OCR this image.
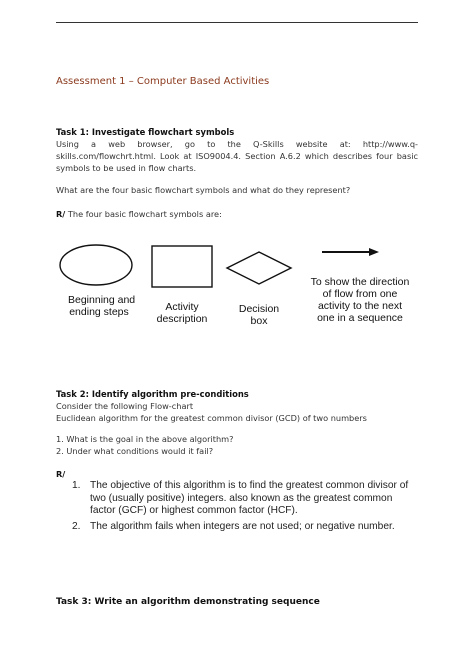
Assessment 1 – Computer Based Activities
Task 1: Investigate flowchart symbols
Using a web browser, go to the Q-Skills website at: http://www.q-skills.com/flowchrt.html. Look at ISO9004.4. Section A.6.2 which describes four basic symbols to be used in flow charts.
What are the four basic flowchart symbols and what do they represent?
R/ The four basic flowchart symbols are:
Beginning and
ending steps	Activity
description
Decision
box
To show the direction
of flow from one
activity to the next
one in a sequence
Task 2: Identify algorithm pre-conditions
Consider the following Flow-chart
Euclidean algorithm for the greatest common divisor (GCD) of two numbers
1. What is the goal in the above algorithm?
2. Under what conditions would it fail?
R/
1. The objective of this algorithm is to find the greatest common divisor of two (usually positive) integers. also known as the greatest common factor (GCF) or highest common factor (HCF).
2. The algorithm fails when integers are not used; or negative number.
Task 3: Write an algorithm demonstrating sequence
